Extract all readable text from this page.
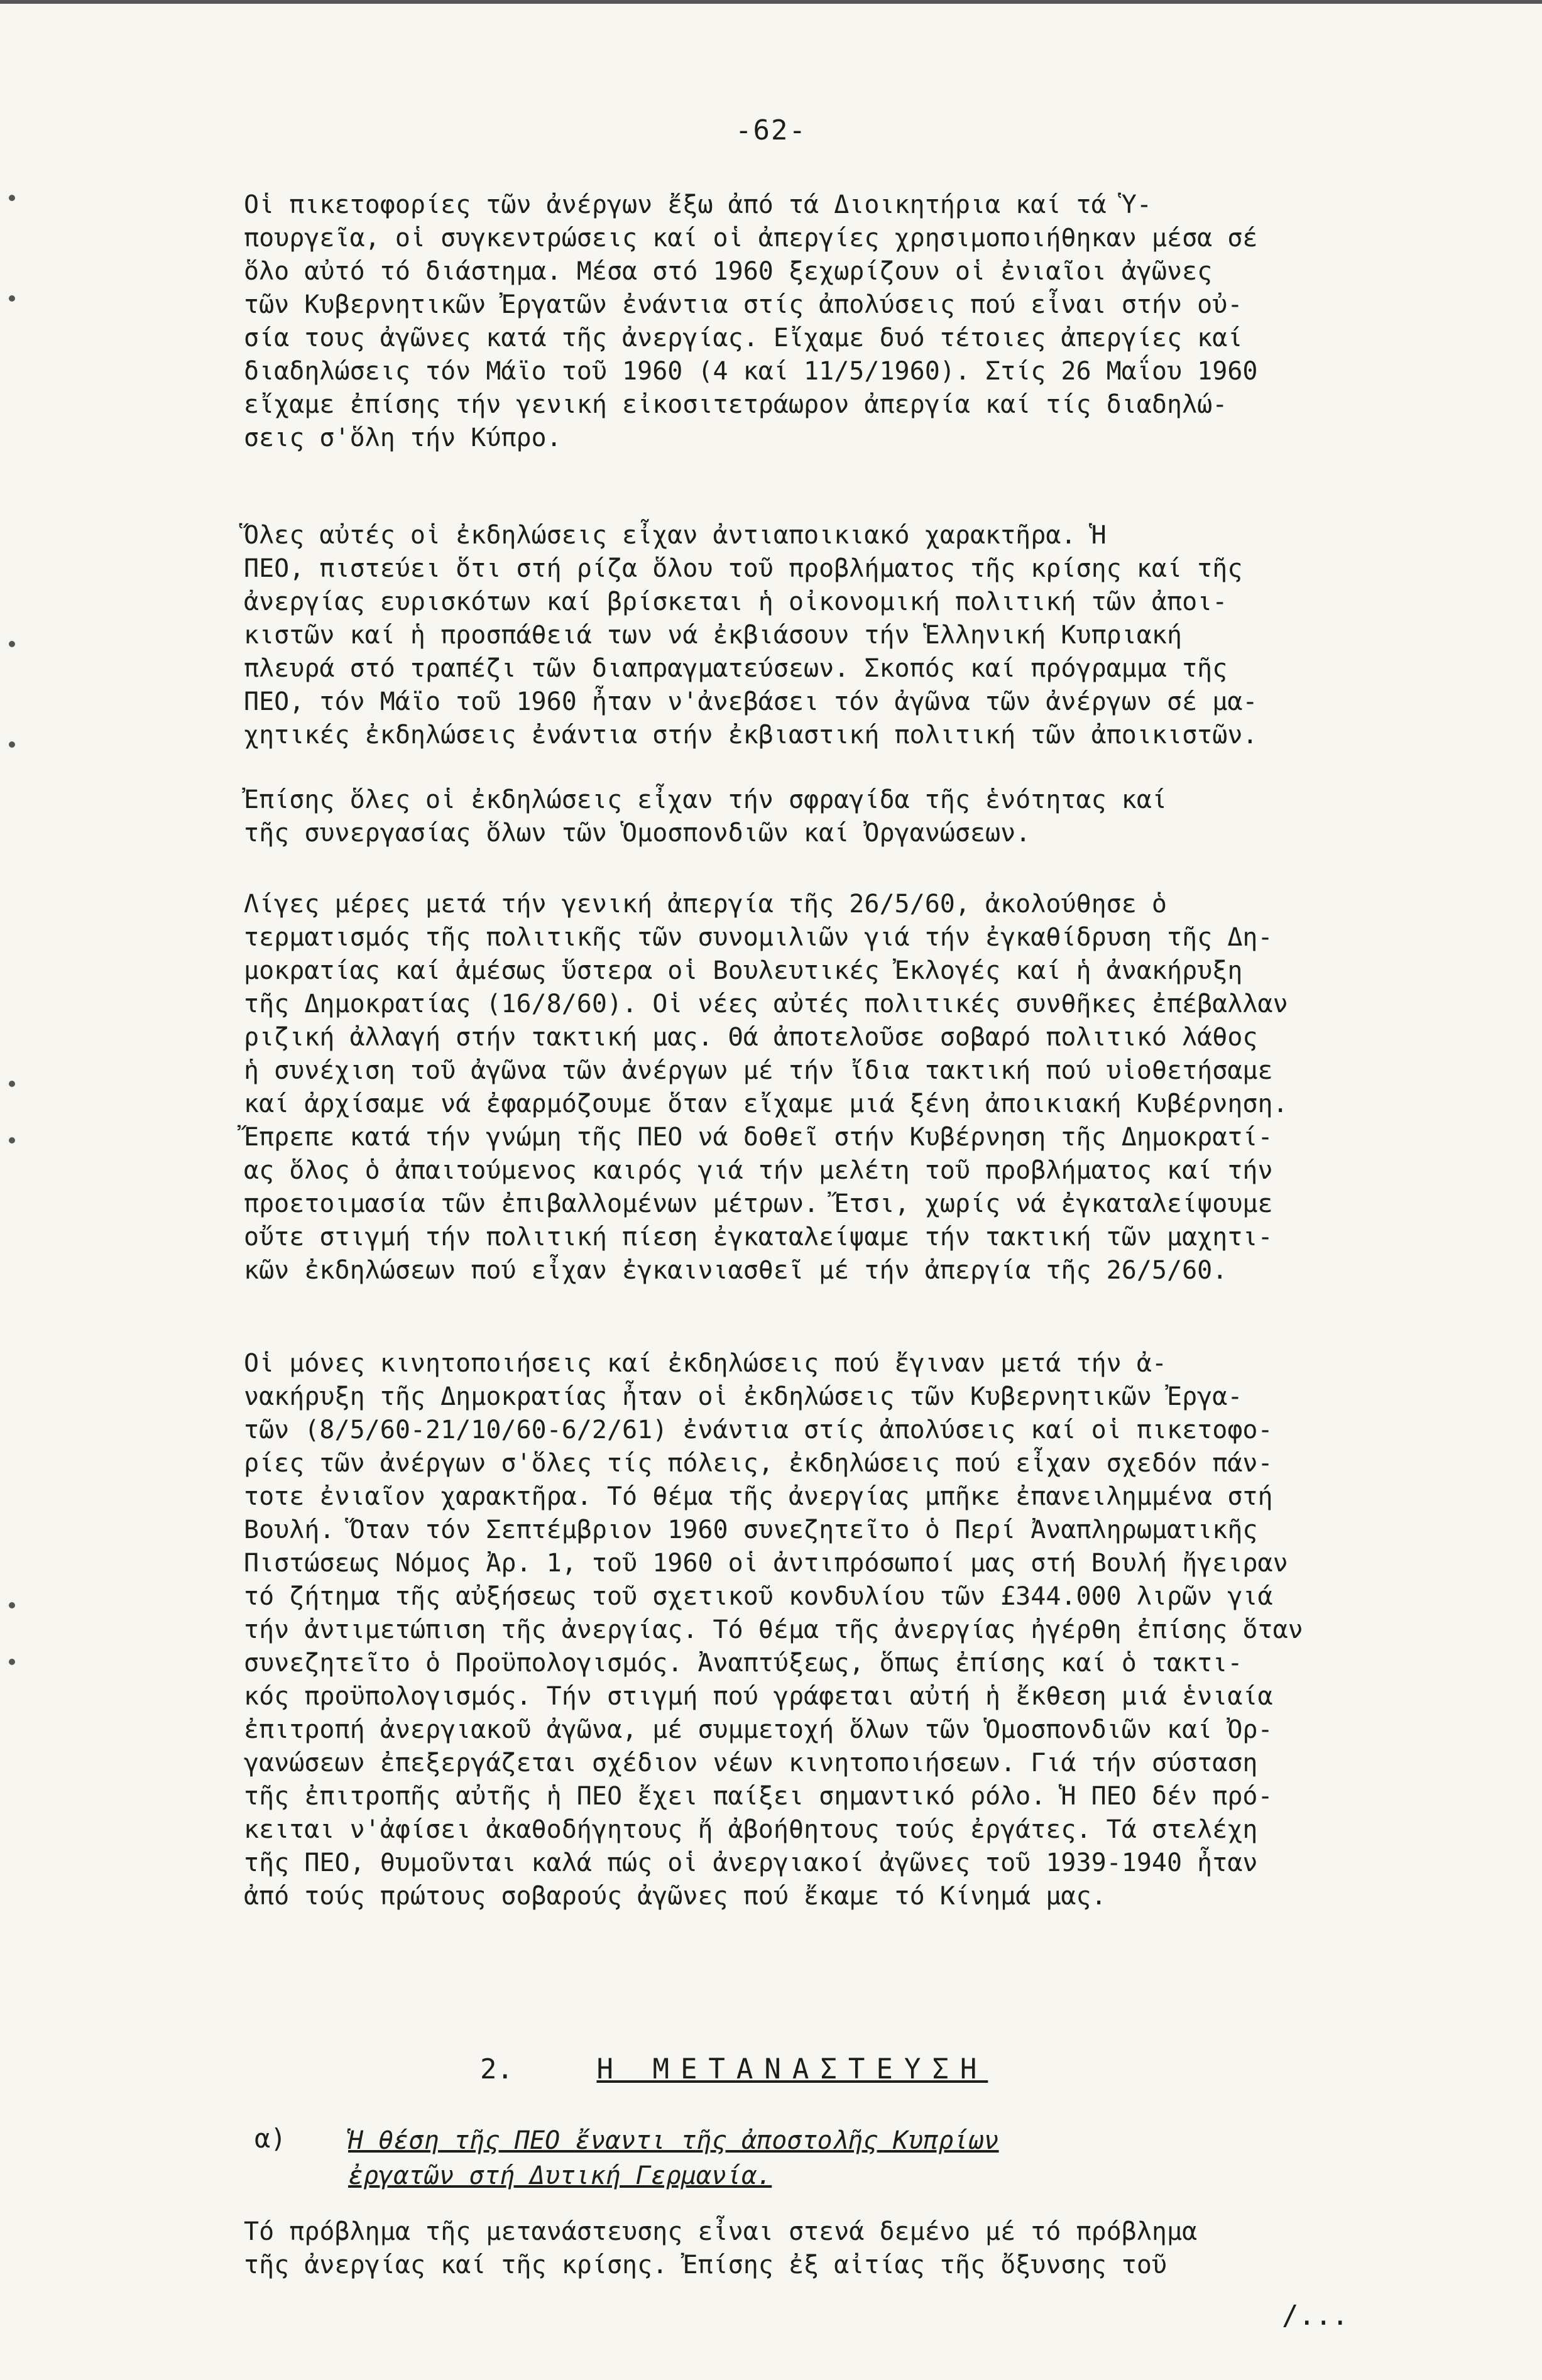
-62-
Οἱ πικετοφορίες τῶν ἀνέργων ἔξω ἀπό τά Διοικητήρια καί τά Ὑ-
πουργεῖα, οἱ συγκεντρώσεις καί οἱ ἀπεργίες χρησιμοποιήθηκαν μέσα σέ
ὅλο αὐτό τό διάστημα. Μέσα στό 1960 ξεχωρίζουν οἱ ἐνιαῖοι ἀγῶνες
τῶν Κυβερνητικῶν Ἐργατῶν ἐνάντια στίς ἀπολύσεις πού εἶναι στήν οὐ-
σία τους ἀγῶνες κατά τῆς ἀνεργίας. Εἴχαμε δυό τέτοιες ἀπεργίες καί
διαδηλώσεις τόν Μάϊο τοῦ 1960 (4 καί 11/5/1960). Στίς 26 Μαΐου 1960
εἴχαμε ἐπίσης τήν γενική εἰκοσιτετράωρον ἀπεργία καί τίς διαδηλώ-
σεις σ'ὅλη τήν Κύπρο.
Ὅλες αὐτές οἱ ἐκδηλώσεις εἶχαν ἀντιαποικιακό χαρακτῆρα. Ἡ
ΠΕΟ, πιστεύει ὅτι στή ρίζα ὅλου τοῦ προβλήματος τῆς κρίσης καί τῆς
ἀνεργίας ευρισκότων καί βρίσκεται ἡ οἰκονομική πολιτική τῶν ἀποι-
κιστῶν καί ἡ προσπάθειά των νά ἐκβιάσουν τήν Ἑλληνική Κυπριακή
πλευρά στό τραπέζι τῶν διαπραγματεύσεων. Σκοπός καί πρόγραμμα τῆς
ΠΕΟ, τόν Μάϊο τοῦ 1960 ἦταν ν'ἀνεβάσει τόν ἀγῶνα τῶν ἀνέργων σέ μα-
χητικές ἐκδηλώσεις ἐνάντια στήν ἐκβιαστική πολιτική τῶν ἀποικιστῶν.
Ἐπίσης ὅλες οἱ ἐκδηλώσεις εἶχαν τήν σφραγίδα τῆς ἑνότητας καί
τῆς συνεργασίας ὅλων τῶν Ὁμοσπονδιῶν καί Ὀργανώσεων.
Λίγες μέρες μετά τήν γενική ἀπεργία τῆς 26/5/60, ἀκολούθησε ὁ
τερματισμός τῆς πολιτικῆς τῶν συνομιλιῶν γιά τήν ἐγκαθίδρυση τῆς Δη-
μοκρατίας καί ἀμέσως ὕστερα οἱ Βουλευτικές Ἐκλογές καί ἡ ἀνακήρυξη
τῆς Δημοκρατίας (16/8/60). Οἱ νέες αὐτές πολιτικές συνθῆκες ἐπέβαλλαν
ριζική ἀλλαγή στήν τακτική μας. Θά ἀποτελοῦσε σοβαρό πολιτικό λάθος
ἡ συνέχιση τοῦ ἀγῶνα τῶν ἀνέργων μέ τήν ἴδια τακτική πού υἱοθετήσαμε
καί ἀρχίσαμε νά ἐφαρμόζουμε ὅταν εἴχαμε μιά ξένη ἀποικιακή Κυβέρνηση.
Ἔπρεπε κατά τήν γνώμη τῆς ΠΕΟ νά δοθεῖ στήν Κυβέρνηση τῆς Δημοκρατί-
ας ὅλος ὁ ἀπαιτούμενος καιρός γιά τήν μελέτη τοῦ προβλήματος καί τήν
προετοιμασία τῶν ἐπιβαλλομένων μέτρων. Ἔτσι, χωρίς νά ἐγκαταλείψουμε
οὔτε στιγμή τήν πολιτική πίεση ἐγκαταλείψαμε τήν τακτική τῶν μαχητι-
κῶν ἐκδηλώσεων πού εἶχαν ἐγκαινιασθεῖ μέ τήν ἀπεργία τῆς 26/5/60.
Οἱ μόνες κινητοποιήσεις καί ἐκδηλώσεις πού ἔγιναν μετά τήν ἀ-
νακήρυξη τῆς Δημοκρατίας ἦταν οἱ ἐκδηλώσεις τῶν Κυβερνητικῶν Ἐργα-
τῶν (8/5/60-21/10/60-6/2/61) ἐνάντια στίς ἀπολύσεις καί οἱ πικετοφο-
ρίες τῶν ἀνέργων σ'ὅλες τίς πόλεις, ἐκδηλώσεις πού εἶχαν σχεδόν πάν-
τοτε ἐνιαῖον χαρακτῆρα. Τό θέμα τῆς ἀνεργίας μπῆκε ἐπανειλημμένα στή
Βουλή. Ὅταν τόν Σεπτέμβριον 1960 συνεζητεῖτο ὁ Περί Ἀναπληρωματικῆς
Πιστώσεως Νόμος Ἀρ. 1, τοῦ 1960 οἱ ἀντιπρόσωποί μας στή Βουλή ἤγειραν
τό ζήτημα τῆς αὐξήσεως τοῦ σχετικοῦ κονδυλίου τῶν £344.000 λιρῶν γιά
τήν ἀντιμετώπιση τῆς ἀνεργίας. Τό θέμα τῆς ἀνεργίας ἠγέρθη ἐπίσης ὅταν
συνεζητεῖτο ὁ Προϋπολογισμός. Ἀναπτύξεως, ὅπως ἐπίσης καί ὁ τακτι-
κός προϋπολογισμός. Τήν στιγμή πού γράφεται αὐτή ἡ ἔκθεση μιά ἑνιαία
ἐπιτροπή ἀνεργιακοῦ ἀγῶνα, μέ συμμετοχή ὅλων τῶν Ὁμοσπονδιῶν καί Ὀρ-
γανώσεων ἐπεξεργάζεται σχέδιον νέων κινητοποιήσεων. Γιά τήν σύσταση
τῆς ἐπιτροπῆς αὐτῆς ἡ ΠΕΟ ἔχει παίξει σημαντικό ρόλο. Ἡ ΠΕΟ δέν πρό-
κειται ν'ἀφίσει ἀκαθοδήγητους ἤ ἀβοήθητους τούς ἐργάτες. Τά στελέχη
τῆς ΠΕΟ, θυμοῦνται καλά πώς οἱ ἀνεργιακοί ἀγῶνες τοῦ 1939-1940 ἦταν
ἀπό τούς πρώτους σοβαρούς ἀγῶνες πού ἔκαμε τό Κίνημά μας.
2.	Η ΜΕΤΑΝΑΣΤΕΥΣΗ
α) Ἡ θέση τῆς ΠΕΟ ἔναντι τῆς ἀποστολῆς Κυπρίων
ἐργατῶν στή Δυτική Γερμανία.
Τό πρόβλημα τῆς μετανάστευσης εἶναι στενά δεμένο μέ τό πρόβλημα
τῆς ἀνεργίας καί τῆς κρίσης. Ἐπίσης ἐξ αἰτίας τῆς ὄξυνσης τοῦ
/...
